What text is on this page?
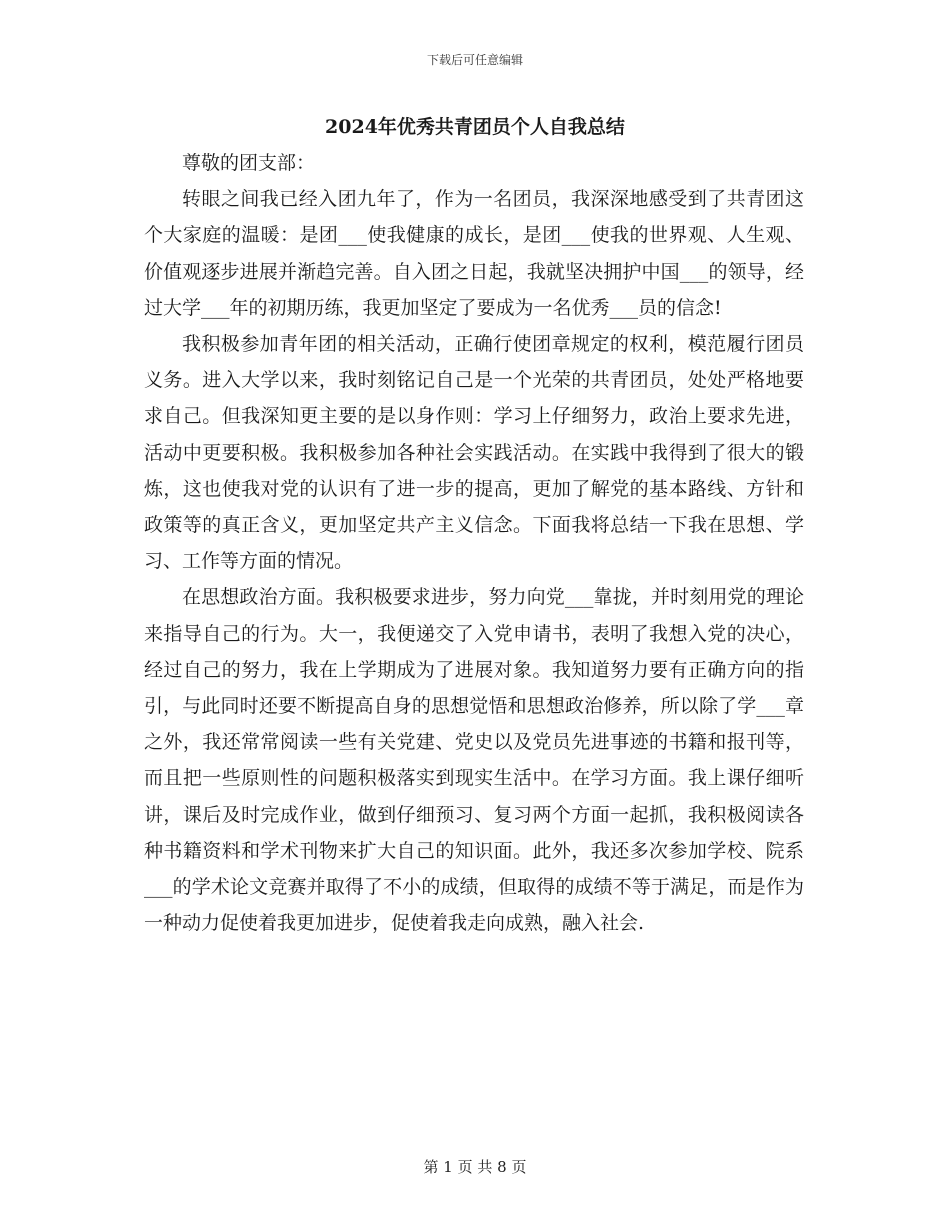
下载后可任意编辑
2024年优秀共青团员个人自我总结

尊敬的团支部：

转眼之间我已经入团九年了，作为一名团员，我深深地感受到了共青团这个大家庭的温暖：是团___使我健康的成长，是团___使我的世界观、人生观、价值观逐步进展并渐趋完善。自入团之日起，我就坚决拥护中国___的领导，经过大学___年的初期历练，我更加坚定了要成为一名优秀___员的信念!

我积极参加青年团的相关活动，正确行使团章规定的权利，模范履行团员义务。进入大学以来，我时刻铭记自己是一个光荣的共青团员，处处严格地要求自己。但我深知更主要的是以身作则：学习上仔细努力，政治上要求先进，活动中更要积极。我积极参加各种社会实践活动。在实践中我得到了很大的锻炼，这也使我对党的认识有了进一步的提高，更加了解党的基本路线、方针和政策等的真正含义，更加坚定共产主义信念。下面我将总结一下我在思想、学习、工作等方面的情况。

在思想政治方面。我积极要求进步，努力向党___靠拢，并时刻用党的理论来指导自己的行为。大一，我便递交了入党申请书，表明了我想入党的决心，经过自己的努力，我在上学期成为了进展对象。我知道努力要有正确方向的指引，与此同时还要不断提高自身的思想觉悟和思想政治修养，所以除了学___章之外，我还常常阅读一些有关党建、党史以及党员先进事迹的书籍和报刊等，而且把一些原则性的问题积极落实到现实生活中。在学习方面。我上课仔细听讲，课后及时完成作业，做到仔细预习、复习两个方面一起抓，我积极阅读各种书籍资料和学术刊物来扩大自己的知识面。此外，我还多次参加学校、院系___的学术论文竞赛并取得了不小的成绩，但取得的成绩不等于满足，而是作为一种动力促使着我更加进步，促使着我走向成熟，融入社会.

第 1 页 共 8 页
